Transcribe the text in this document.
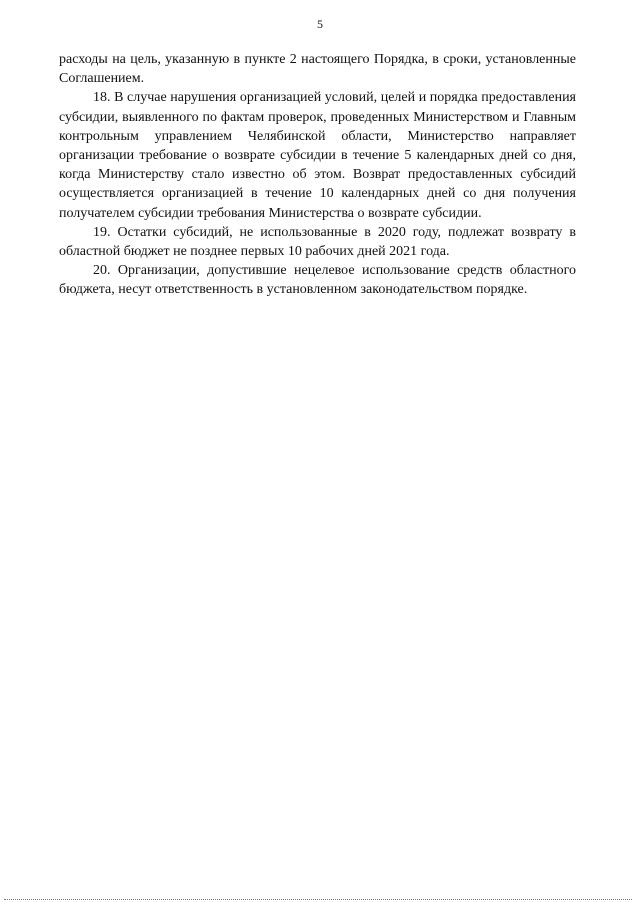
5

расходы на цель, указанную в пункте 2 настоящего Порядка, в сроки, установленные Соглашением.

18. В случае нарушения организацией условий, целей и порядка предоставления субсидии, выявленного по фактам проверок, проведенных Министерством и Главным контрольным управлением Челябинской области, Министерство направляет организации требование о возврате субсидии в течение 5 календарных дней со дня, когда Министерству стало известно об этом. Возврат предоставленных субсидий осуществляется организацией в течение 10 календарных дней со дня получения получателем субсидии требования Министерства о возврате субсидии.

19. Остатки субсидий, не использованные в 2020 году, подлежат возврату в областной бюджет не позднее первых 10 рабочих дней 2021 года.

20. Организации, допустившие нецелевое использование средств областного бюджета, несут ответственность в установленном законодательством порядке.
